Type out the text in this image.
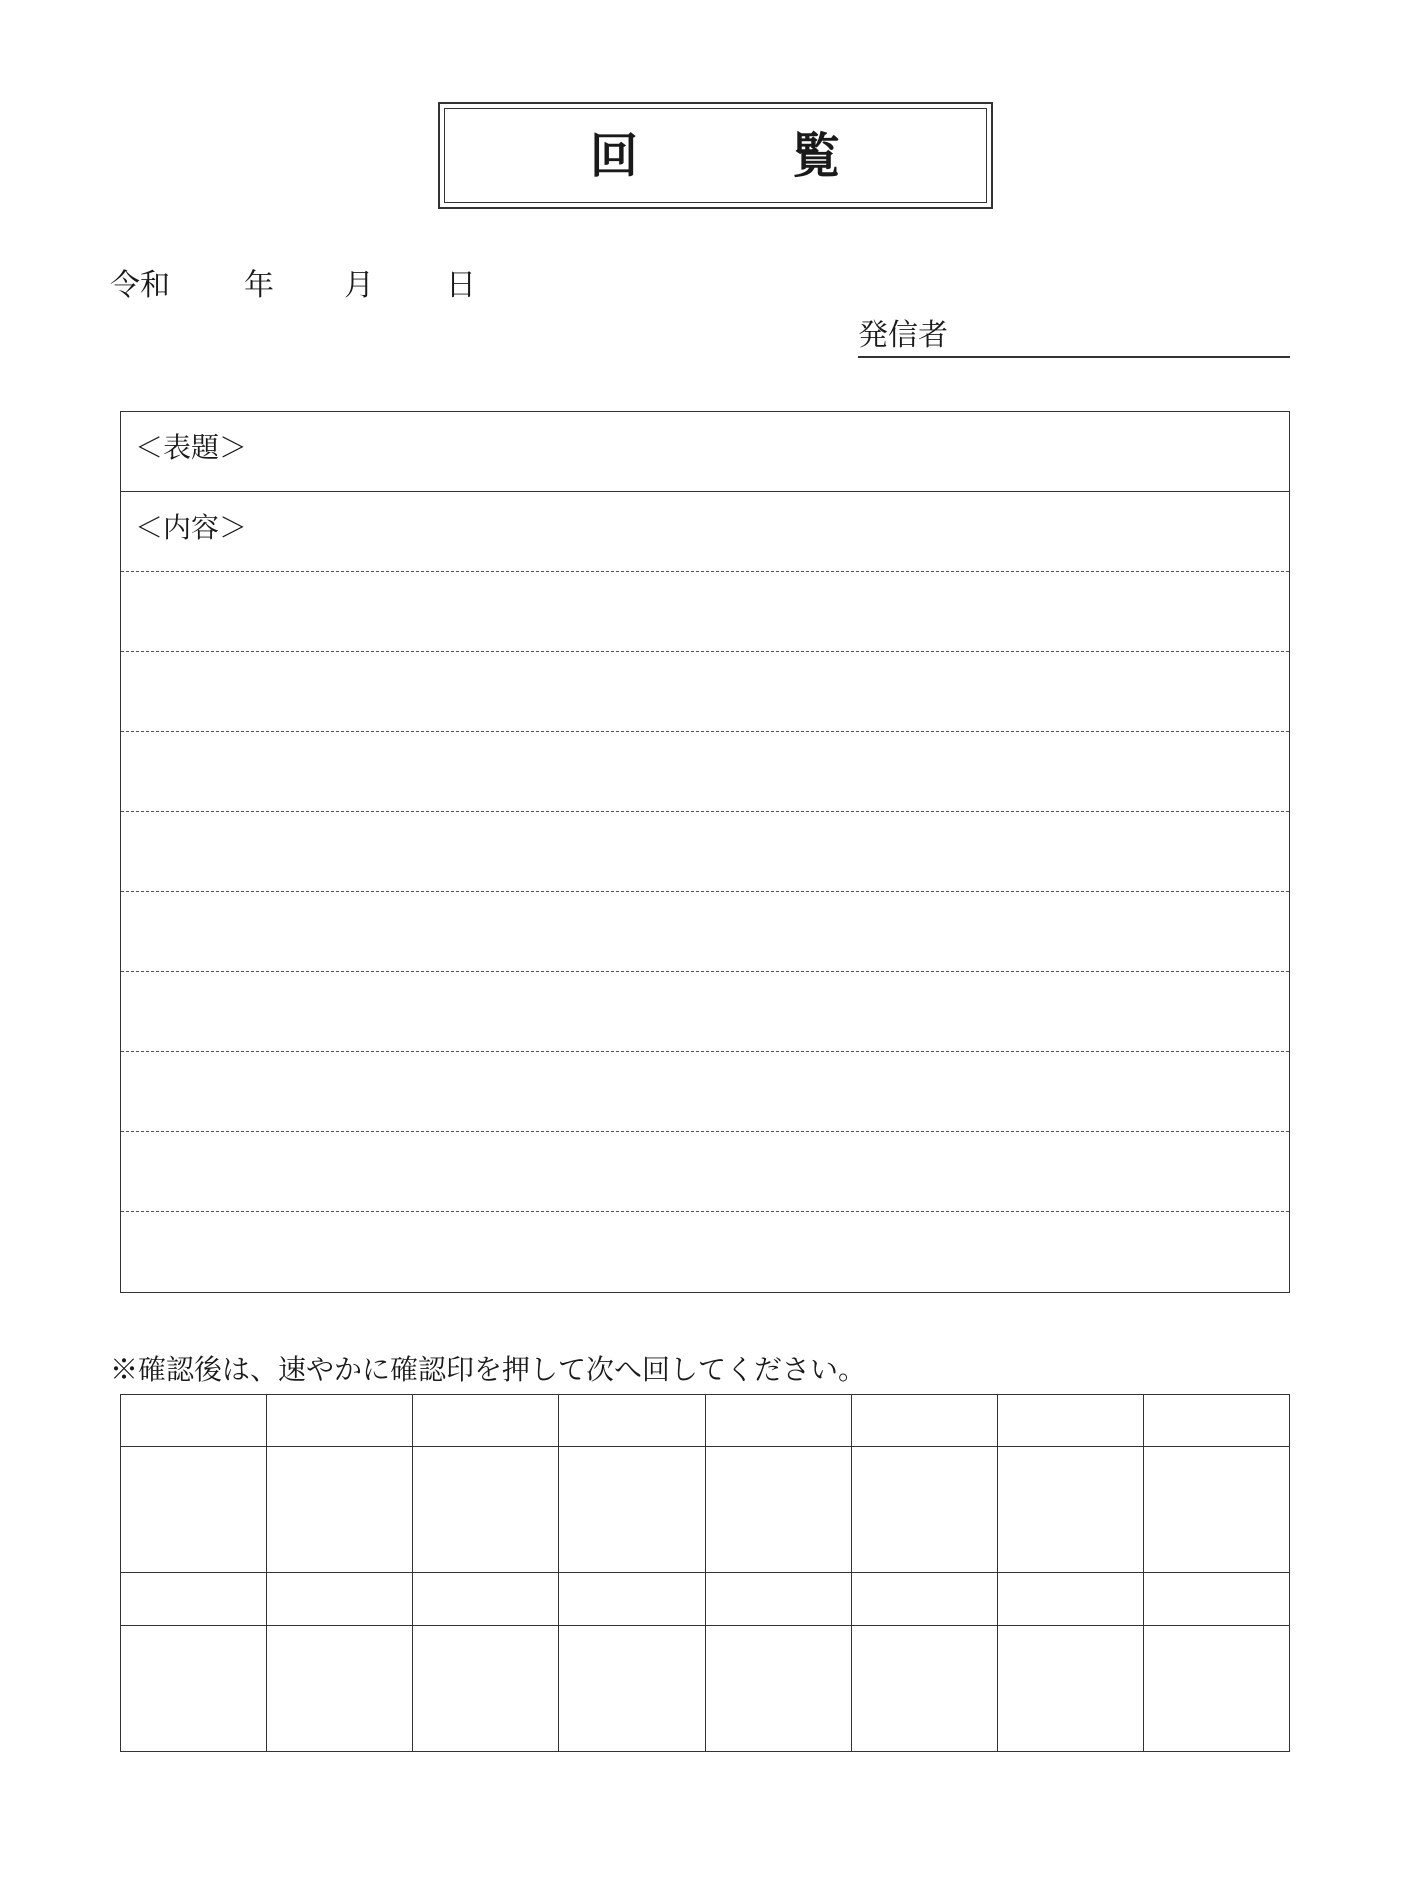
回	覧
令和 年 月 日
発信者
＜表題＞
＜内容＞
※確認後は、速やかに確認印を押して次へ回してください。
